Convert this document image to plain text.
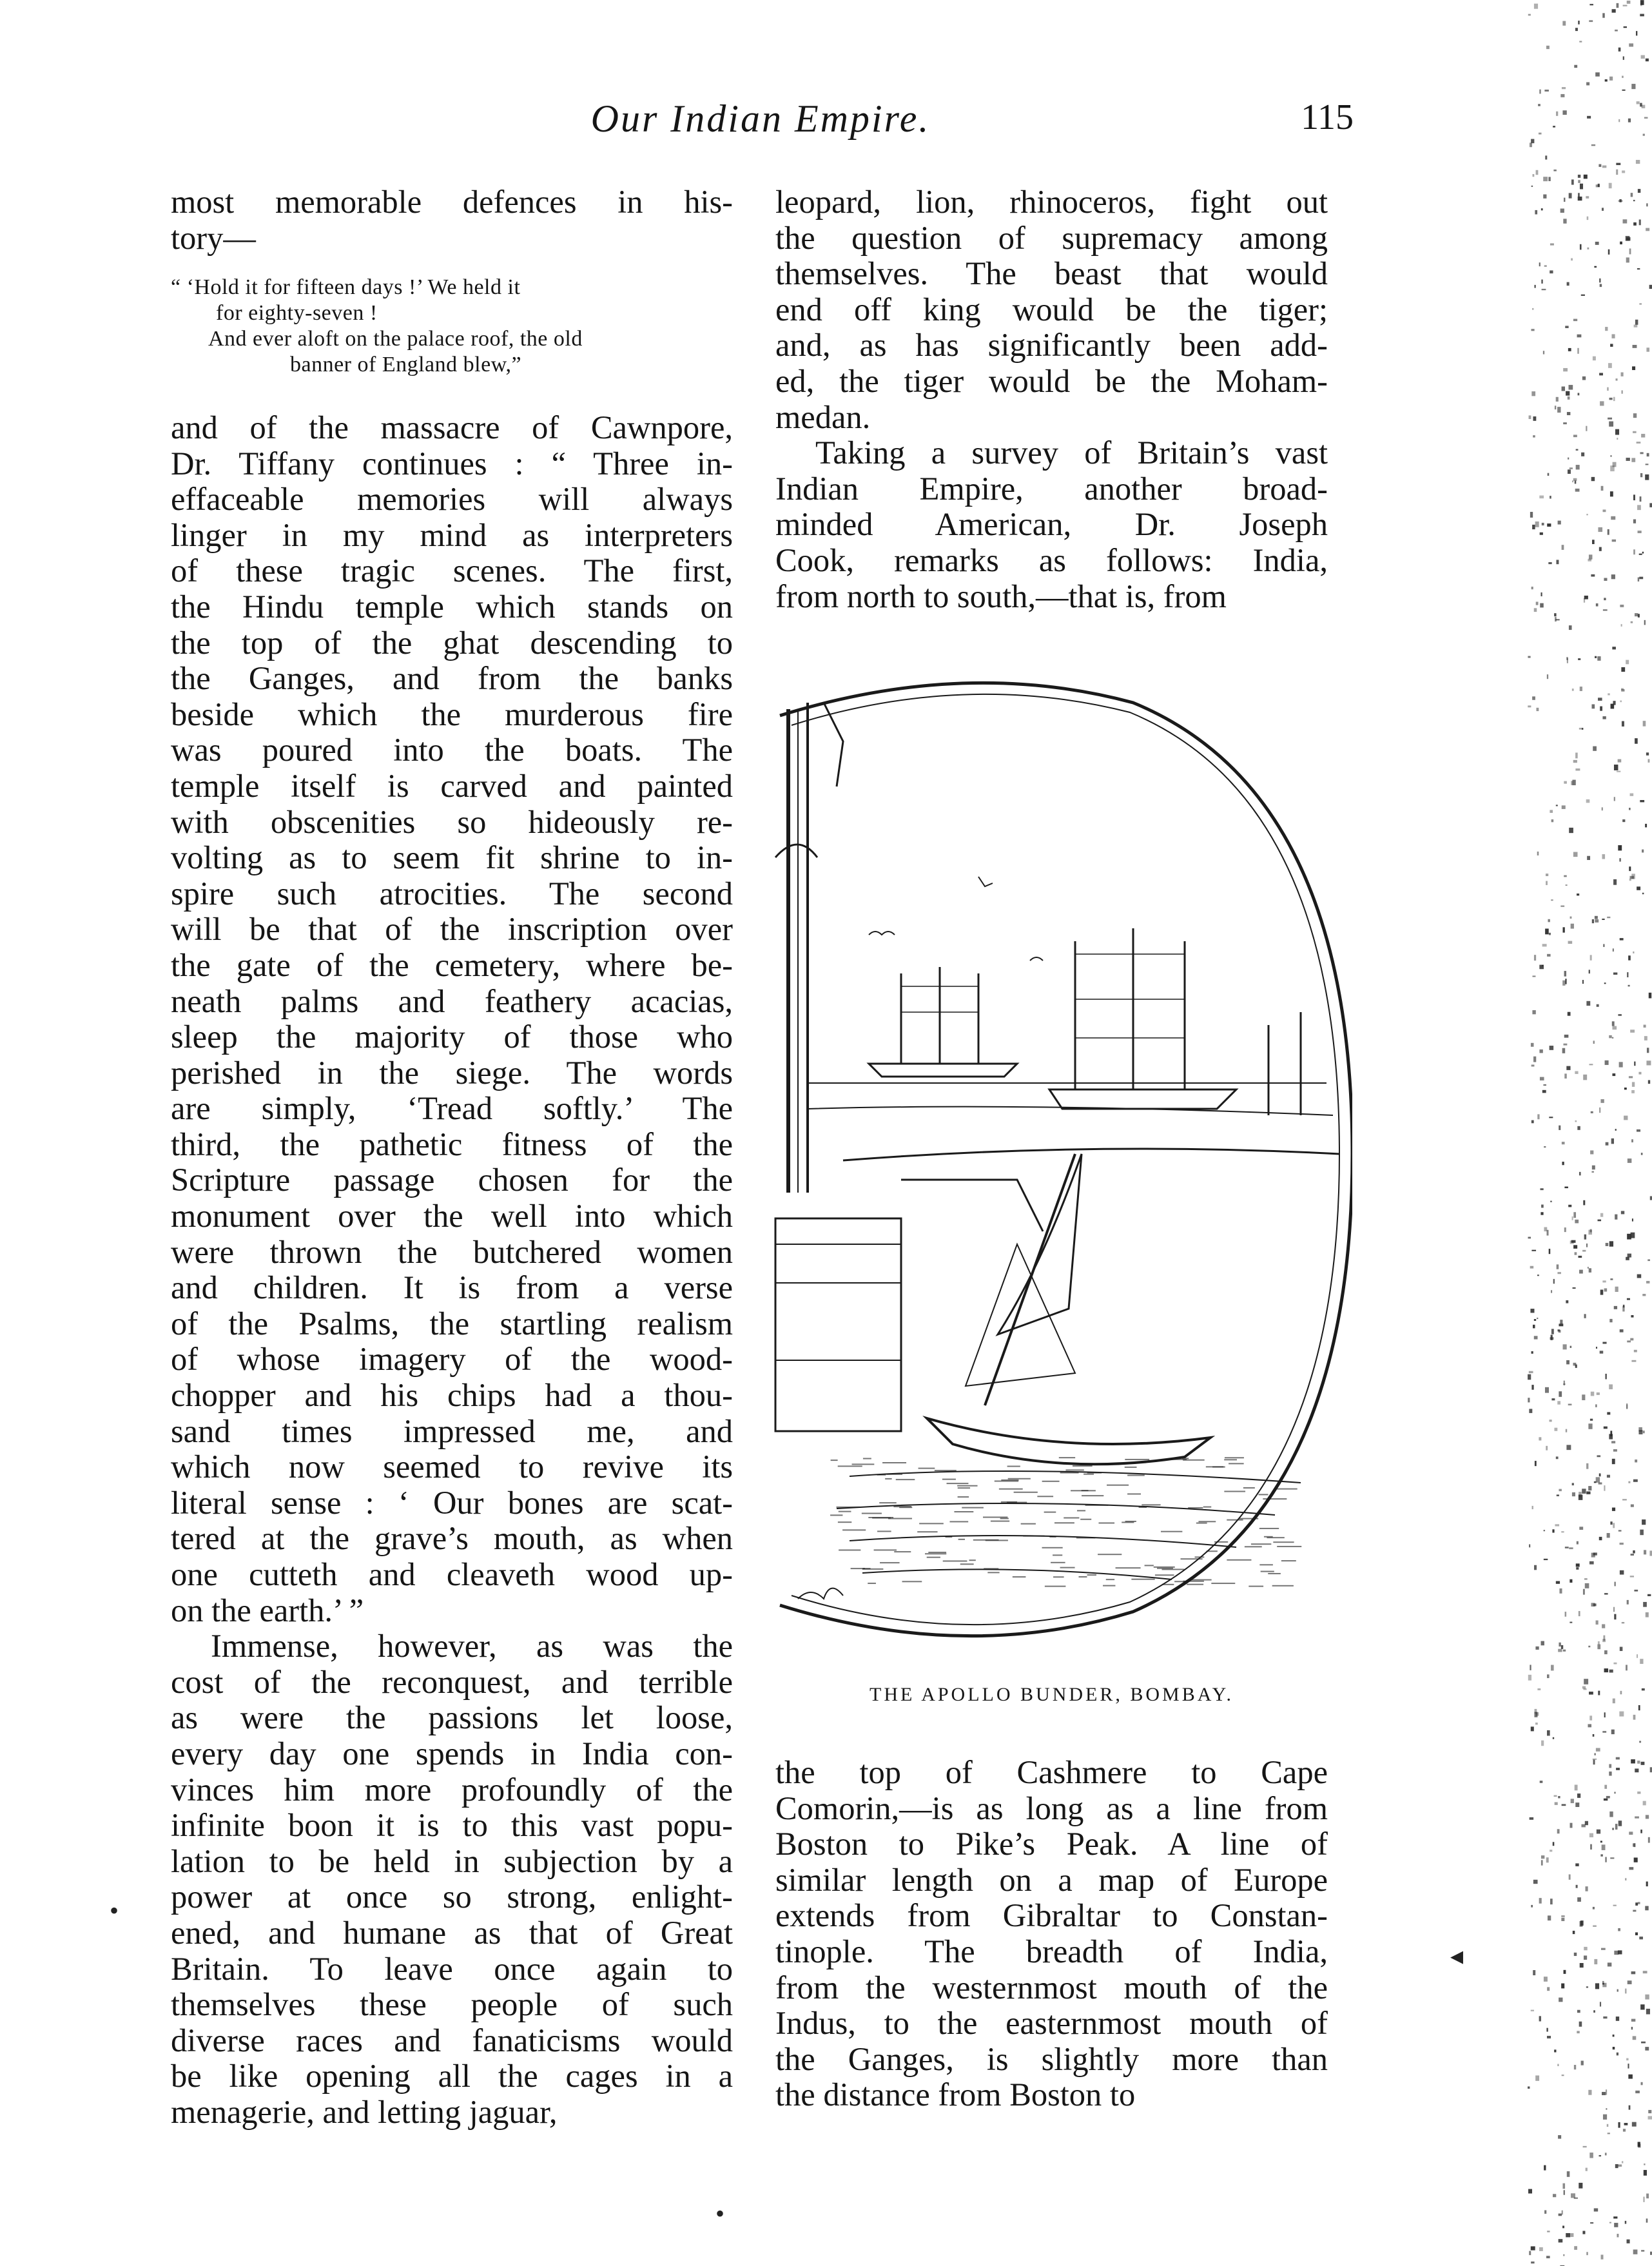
Our Indian Empire.	115
most memorable defences in his-
tory—
“ ‘Hold it for fifteen days !’ We held it
for eighty-seven !
And ever aloft on the palace roof, the old
banner of England blew,”
and of the massacre of Cawnpore,
Dr. Tiffany continues : “ Three in-
effaceable memories will always
linger in my mind as interpreters
of these tragic scenes. The first,
the Hindu temple which stands on
the top of the ghat descending to
the Ganges, and from the banks
beside which the murderous fire
was poured into the boats. The
temple itself is carved and painted
with obscenities so hideously re-
volting as to seem fit shrine to in-
spire such atrocities. The second
will be that of the inscription over
the gate of the cemetery, where be-
neath palms and feathery acacias,
sleep the majority of those who
perished in the siege. The words
are simply, ‘Tread softly.’ The
third, the pathetic fitness of the
Scripture passage chosen for the
monument over the well into which
were thrown the butchered women
and children. It is from a verse
of the Psalms, the startling realism
of whose imagery of the wood-
chopper and his chips had a thou-
sand times impressed me, and
which now seemed to revive its
literal sense : ‘ Our bones are scat-
tered at the grave’s mouth, as when
one cutteth and cleaveth wood up-
on the earth.’ ”
Immense, however, as was the
cost of the reconquest, and terrible
as were the passions let loose,
every day one spends in India con-
vinces him more profoundly of the
infinite boon it is to this vast popu-
lation to be held in subjection by a
power at once so strong, enlight-
ened, and humane as that of Great
Britain. To leave once again to
themselves these people of such
diverse races and fanaticisms would
be like opening all the cages in a
menagerie, and letting jaguar,
leopard, lion, rhinoceros, fight out
the question of supremacy among
themselves. The beast that would
end off king would be the tiger;
and, as has significantly been add-
ed, the tiger would be the Moham-
medan.
Taking a survey of Britain’s vast
Indian Empire, another broad-
minded American, Dr. Joseph
Cook, remarks as follows: India,
from north to south,—that is, from
THE APOLLO BUNDER, BOMBAY.
the top of Cashmere to Cape
Comorin,—is as long as a line from
Boston to Pike’s Peak. A line of
similar length on a map of Europe
extends from Gibraltar to Constan-
tinople. The breadth of India,
from the westernmost mouth of the
Indus, to the easternmost mouth of
the Ganges, is slightly more than
the distance from Boston to
•
◂
•
